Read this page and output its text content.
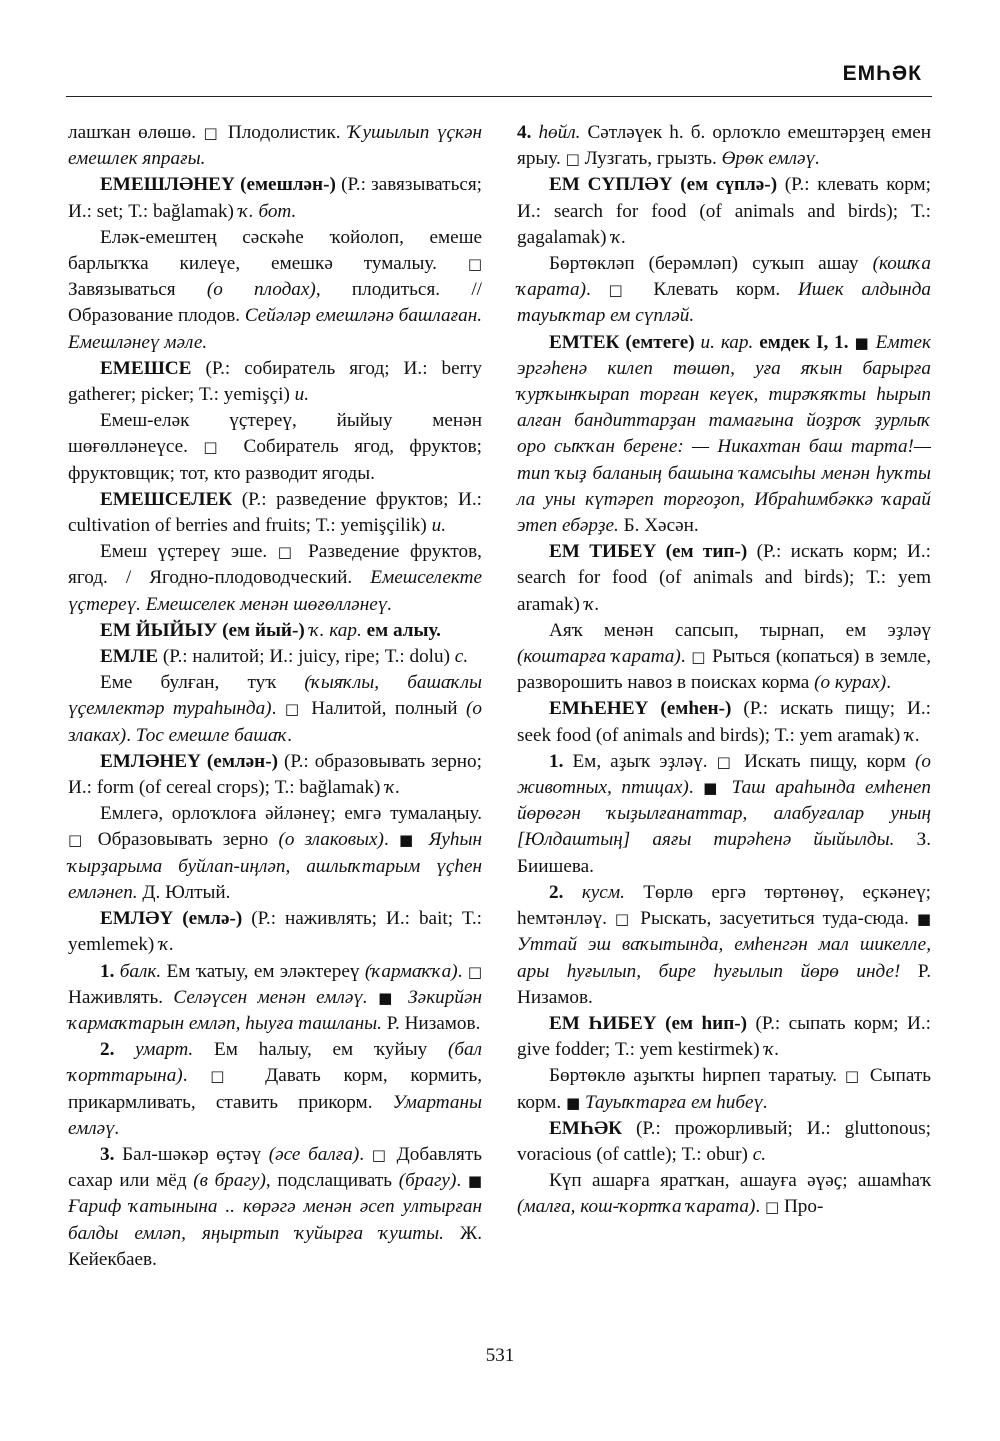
ЕМҺӘК

лашҡан өлөшө. □ Плодолистик. Ҡушылып үҫкән емешлек япрағы.

ЕМЕШЛӘНЕҮ (емешлән-) (Р.: завязываться; И.: set; Т.: bağlamak) ҡ. бот.

Еләк-емештең сәскәһе ҡойолоп, емеше барлыҡҡа килеүе, емешкә тумалыу. □ Завязываться (о плодах), плодиться. // Образование плодов. Сейәләр емешләнә башлаған. Емешләнеү мәле.

ЕМЕШСЕ (Р.: собиратель ягод; И.: berry gatherer; picker; Т.: yemişçi) и.

Емеш-еләк үҫтереү, йыйыу менән шөғөлләнеүсе. □ Собиратель ягод, фруктов; фруктовщик; тот, кто разводит ягоды.

ЕМЕШСЕЛЕК (Р.: разведение фруктов; И.: cultivation of berries and fruits; Т.: yemişçilik) и.

Емеш үҫтереү эше. □ Разведение фруктов, ягод. / Ягодно-плодоводческий. Емешселекте үҫтереү. Емешселек менән шөғөлләнеү.

ЕМ ЙЫЙЫУ (ем йый-) ҡ. кар. ем алыу.

ЕМЛЕ (Р.: налитой; И.: juicy, ripe; Т.: dolu) с.

Еме булған, туҡ (ҡыяҡлы, башаҡлы үҫемлектәр тураһында). □ Налитой, полный (о злаках). Тос емешле башаҡ.

ЕМЛӘНЕҮ (емлән-) (Р.: образовывать зерно; И.: form (of cereal crops); Т.: bağlamak) ҡ.

Емлегә, орлоҡлоға әйләнеү; емгә тумалаңыу. □ Образовывать зерно (о злаковых). ■ Яуһын ҡырҙарыма буйлап-иңләп, ашлыҡтарым үҫһен емләнеп. Д. Юлтый.

ЕМЛӘҮ (емлә-) (Р.: наживлять; И.: bait; Т.: yemlemek) ҡ.

1. балк. Ем ҡатыу, ем эләктереү (ҡармаҡҡа). □ Наживлять. Селәүсен менән емләү. ■ Зәкирйән ҡармаҡтарын емләп, һыуға ташланы. Р. Низамов.

2. умарт. Ем һалыу, ем ҡуйыу (бал ҡорттарына). □ Давать корм, кормить, прикармливать, ставить прикорм. Умартаны емләү.

3. Бал-шәкәр өҫтәү (әсе балға). □ Добавлять сахар или мёд (в брагу), подслащивать (брагу). ■ Ғариф ҡатынына .. көрәгә менән әсеп ултырған балды емләп, яңыртып ҡуйырға ҡушты. Ж. Кейекбаев.

4. һөйл. Сәтләүек һ. б. орлоҡло емештәрҙең емен ярыу. □ Лузгать, грызть. Өрөк емләү.

ЕМ СҮПЛӘҮ (ем сүплә-) (Р.: клевать корм; И.: search for food (of animals and birds); Т.: gagalamak) ҡ.

Бөртөкләп (берәмләп) суҡып ашау (кошҡа ҡарата). □ Клевать корм. Ишек алдында тауыҡтар ем сүпләй.

ЕМТЕК (емтеге) и. кар. емдек I, 1. ■ Емтек эргәһенә килеп төшөп, уға яҡын барырға ҡурҡынҡырап торған кеүек, тирәҡяҡты һырып алған бандиттарҙан тамағына йоҙроҡ ҙурлыҡ оро сыҡҡан берене: — Никахтан баш тарта!— тип ҡыҙ баланың башына ҡамсыһы менән һуҡты ла уны күтәреп торғоҙоп, Ибраһимбәккә ҡарай этеп ебәрҙе. Б. Хәсән.

ЕМ ТИБЕҮ (ем тип-) (Р.: искать корм; И.: search for food (of animals and birds); Т.: yem aramak) ҡ.

Аяҡ менән сапсып, тырнап, ем эҙләү (коштарға ҡарата). □ Рыться (копаться) в земле, разворошить навоз в поисках корма (о курах).

ЕМҺЕНЕҮ (емһен-) (Р.: искать пищу; И.: seek food (of animals and birds); Т.: yem aramak) ҡ.

1. Ем, аҙыҡ эҙләү. □ Искать пищу, корм (о животных, птицах). ■ Таш араһында емһенеп йөрөгән ҡыҙылғанаттар, алабуғалар уның [Юлдаштың] аяғы тирәһенә йыйылды. З. Биишева.

2. кусм. Төрлө ергә төртөнөү, еҫкәнеү; һемтәнләү. □ Рыскать, засуетиться туда-сюда. ■ Уттай эш ваҡытында, емһенгән мал шикелле, ары һуғылып, бире һуғылып йөрө инде! Р. Низамов.

ЕМ ҺИБЕҮ (ем һип-) (Р.: сыпать корм; И.: give fodder; Т.: yem kestirmek) ҡ.

Бөртөклө аҙыҡты һирпеп таратыу. □ Сыпать корм. ■ Тауыҡтарға ем һибеү.

ЕМҺӘК (Р.: прожорливый; И.: gluttonous; voracious (of cattle); Т.: obur) с.

Күп ашарға яратҡан, ашауға әүәҫ; ашамһаҡ (малға, кош-ҡортҡа ҡарата). □ Про-

531
